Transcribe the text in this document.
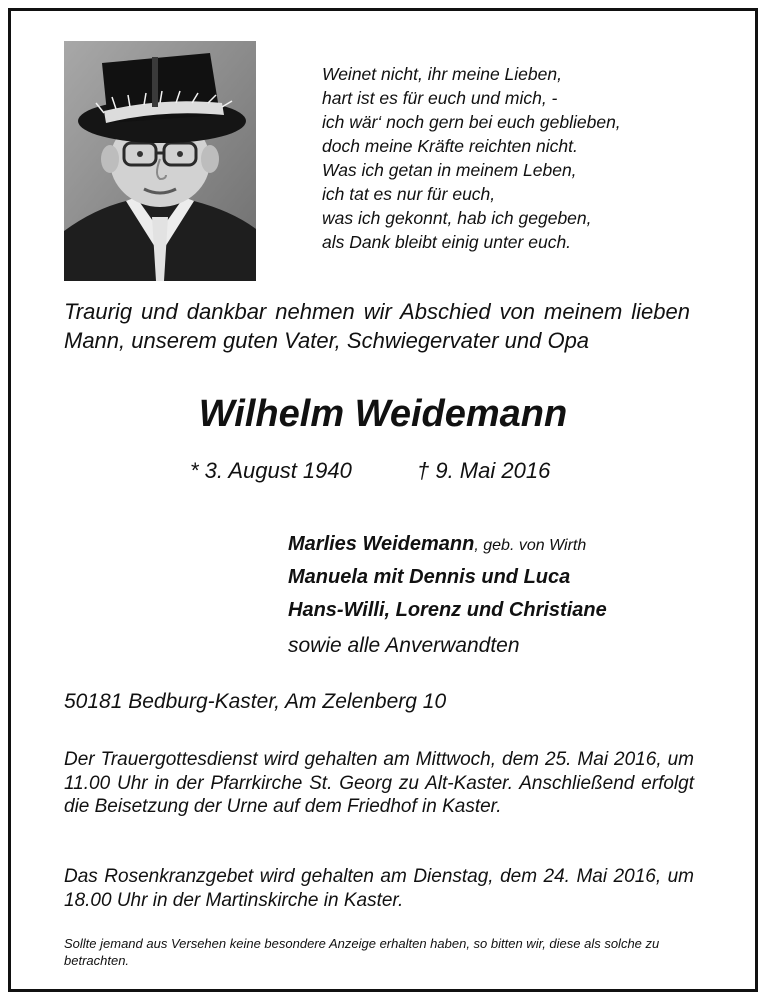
Weinet nicht, ihr meine Lieben,
hart ist es für euch und mich, -
ich wär‘ noch gern bei euch geblieben,
doch meine Kräfte reichten nicht.
Was ich getan in meinem Leben,
ich tat es nur für euch,
was ich gekonnt, hab ich gegeben,
als Dank bleibt einig unter euch.

Traurig und dankbar nehmen wir Abschied von meinem lieben Mann, unserem guten Vater, Schwiegervater und Opa

Wilhelm Weidemann
* 3. August 1940	† 9. Mai 2016
Marlies Weidemann, geb. von Wirth
Manuela mit Dennis und Luca
Hans-Willi, Lorenz und Christiane
sowie alle Anverwandten
50181 Bedburg-Kaster, Am Zelenberg 10

Der Trauergottesdienst wird gehalten am Mittwoch, dem 25. Mai 2016, um 11.00 Uhr in der Pfarrkirche St. Georg zu Alt-Kaster. Anschließend erfolgt die Beisetzung der Urne auf dem Friedhof in Kaster.

Das Rosenkranzgebet wird gehalten am Dienstag, dem 24. Mai 2016, um 18.00 Uhr in der Martinskirche in Kaster.

Sollte jemand aus Versehen keine besondere Anzeige erhalten haben, so bitten wir, diese als solche zu betrachten.
